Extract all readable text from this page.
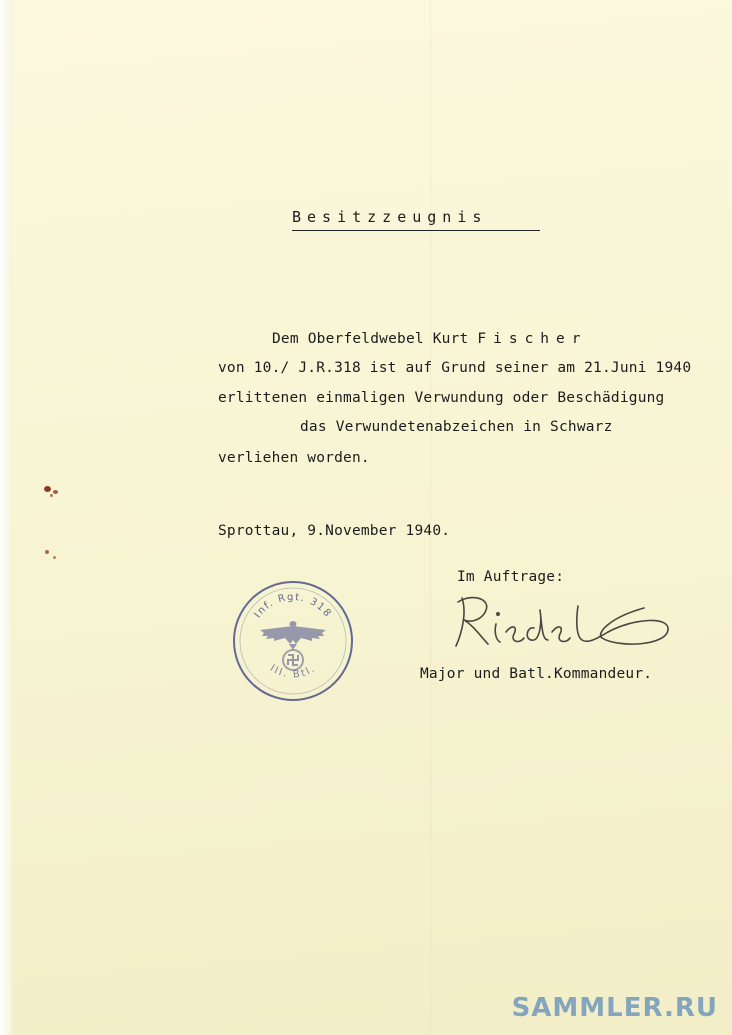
Besitzzeugnis
Dem Oberfeldwebel Kurt Fischer
von 10./ J.R.318 ist auf Grund seiner am 21.Juni 1940
erlittenen einmaligen Verwundung oder Beschädigung
das Verwundetenabzeichen in Schwarz
verliehen worden.
Sprottau, 9.November 1940.
Im Auftrage:
Inf. Rgt. 318
III. Btl.	Major und Batl.Kommandeur.
SAMMLER.RU
